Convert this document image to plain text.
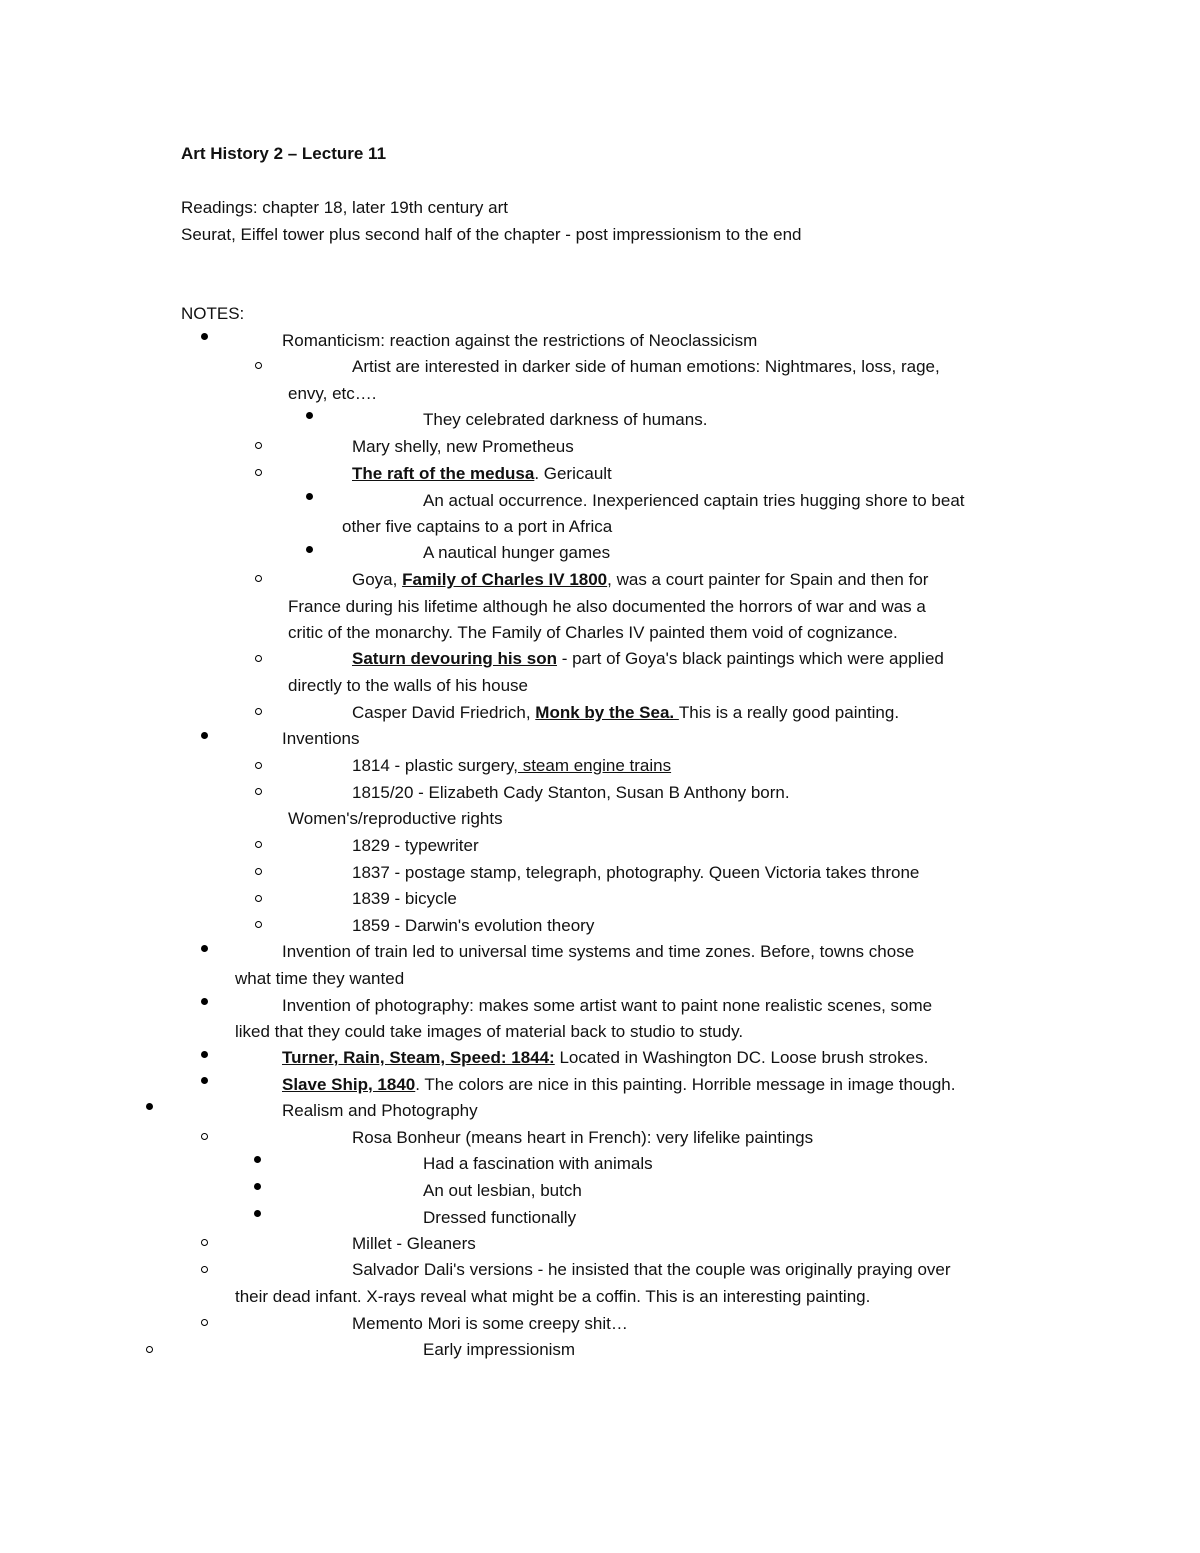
Art History 2 – Lecture 11
Readings: chapter 18, later 19th century art
Seurat, Eiffel tower plus second half of the chapter - post impressionism to the end
NOTES:
Romanticism: reaction against the restrictions of Neoclassicism
Artist are interested in darker side of human emotions: Nightmares, loss, rage,
envy, etc….
They celebrated darkness of humans.
Mary shelly, new Prometheus
The raft of the medusa. Gericault
An actual occurrence. Inexperienced captain tries hugging shore to beat
other five captains to a port in Africa
A nautical hunger games
Goya, Family of Charles IV 1800, was a court painter for Spain and then for
France during his lifetime although he also documented the horrors of war and was a
critic of the monarchy. The Family of Charles IV painted them void of cognizance.
Saturn devouring his son - part of Goya's black paintings which were applied
directly to the walls of his house
Casper David Friedrich, Monk by the Sea. This is a really good painting.
Inventions
1814 - plastic surgery, steam engine trains
1815/20 - Elizabeth Cady Stanton, Susan B Anthony born.
Women's/reproductive rights
1829 - typewriter
1837 - postage stamp, telegraph, photography. Queen Victoria takes throne
1839 - bicycle
1859 - Darwin's evolution theory
Invention of train led to universal time systems and time zones. Before, towns chose
what time they wanted
Invention of photography: makes some artist want to paint none realistic scenes, some
liked that they could take images of material back to studio to study.
Turner, Rain, Steam, Speed: 1844: Located in Washington DC. Loose brush strokes.
Slave Ship, 1840. The colors are nice in this painting. Horrible message in image though.
Realism and Photography
Rosa Bonheur (means heart in French): very lifelike paintings
Had a fascination with animals
An out lesbian, butch
Dressed functionally
Millet - Gleaners
Salvador Dali's versions - he insisted that the couple was originally praying over
their dead infant. X-rays reveal what might be a coffin. This is an interesting painting.
Memento Mori is some creepy shit…
Early impressionism
